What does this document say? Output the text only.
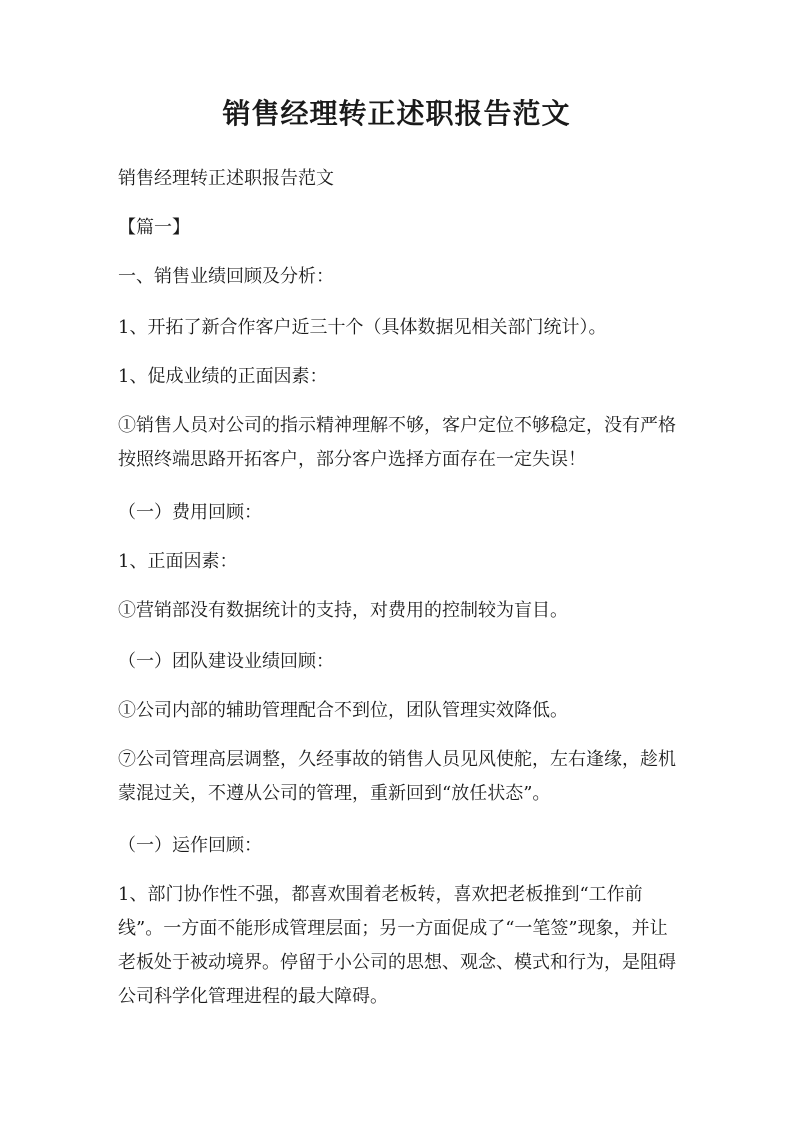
销售经理转正述职报告范文

销售经理转正述职报告范文

【篇一】

一、销售业绩回顾及分析：

1、开拓了新合作客户近三十个（具体数据见相关部门统计）。

1、促成业绩的正面因素：

①销售人员对公司的指示精神理解不够，客户定位不够稳定，没有严格按照终端思路开拓客户，部分客户选择方面存在一定失误！

（一）费用回顾：

1、正面因素：

①营销部没有数据统计的支持，对费用的控制较为盲目。

（一）团队建设业绩回顾：

①公司内部的辅助管理配合不到位，团队管理实效降低。

⑦公司管理高层调整，久经事故的销售人员见风使舵，左右逢缘，趁机蒙混过关，不遵从公司的管理，重新回到“放任状态”。

（一）运作回顾：

1、部门协作性不强，都喜欢围着老板转，喜欢把老板推到“工作前线”。一方面不能形成管理层面；另一方面促成了“一笔签”现象，并让老板处于被动境界。停留于小公司的思想、观念、模式和行为，是阻碍公司科学化管理进程的最大障碍。
